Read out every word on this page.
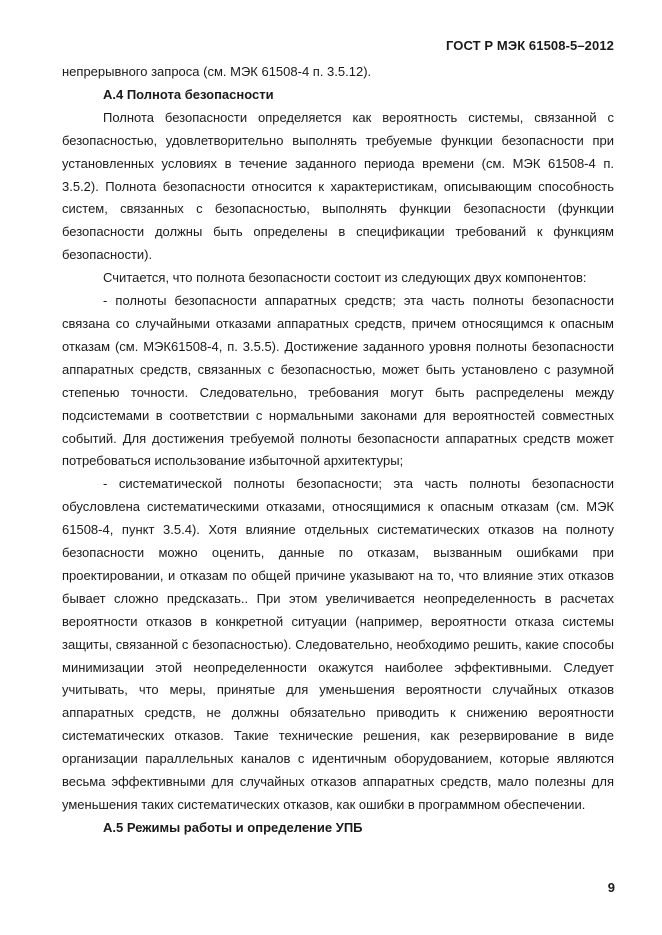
ГОСТ Р МЭК 61508-5–2012

непрерывного запроса (см. МЭК 61508-4 п. 3.5.12).

А.4 Полнота безопасности

Полнота безопасности определяется как вероятность системы, связанной с безопасностью, удовлетворительно выполнять требуемые функции безопасности при установленных условиях в течение заданного периода времени (см. МЭК 61508-4 п. 3.5.2). Полнота безопасности относится к характеристикам, описывающим способность систем, связанных с безопасностью, выполнять функции безопасности (функции безопасности должны быть определены в спецификации требований к функциям безопасности).

Считается, что полнота безопасности состоит из следующих двух компонентов:

- полноты безопасности аппаратных средств; эта часть полноты безопасности связана со случайными отказами аппаратных средств, причем относящимся к опасным отказам (см. МЭК61508-4, п. 3.5.5). Достижение заданного уровня полноты безопасности аппаратных средств, связанных с безопасностью, может быть установлено с разумной степенью точности. Следовательно, требования могут быть распределены между подсистемами в соответствии с нормальными законами для вероятностей совместных событий. Для достижения требуемой полноты безопасности аппаратных средств может потребоваться использование избыточной архитектуры;

- систематической полноты безопасности; эта часть полноты безопасности обусловлена систематическими отказами, относящимися к опасным отказам (см. МЭК 61508-4, пункт 3.5.4). Хотя влияние отдельных систематических отказов на полноту безопасности можно оценить, данные по отказам, вызванным ошибками при проектировании, и отказам по общей причине указывают на то, что влияние этих отказов бывает сложно предсказать.. При этом увеличивается неопределенность в расчетах вероятности отказов в конкретной ситуации (например, вероятности отказа системы защиты, связанной с безопасностью). Следовательно, необходимо решить, какие способы минимизации этой неопределенности окажутся наиболее эффективными. Следует учитывать, что меры, принятые для уменьшения вероятности случайных отказов аппаратных средств, не должны обязательно приводить к снижению вероятности систематических отказов. Такие технические решения, как резервирование в виде организации параллельных каналов с идентичным оборудованием, которые являются весьма эффективными для случайных отказов аппаратных средств, мало полезны для уменьшения таких систематических отказов, как ошибки в программном обеспечении.

А.5 Режимы работы и определение УПБ

9
